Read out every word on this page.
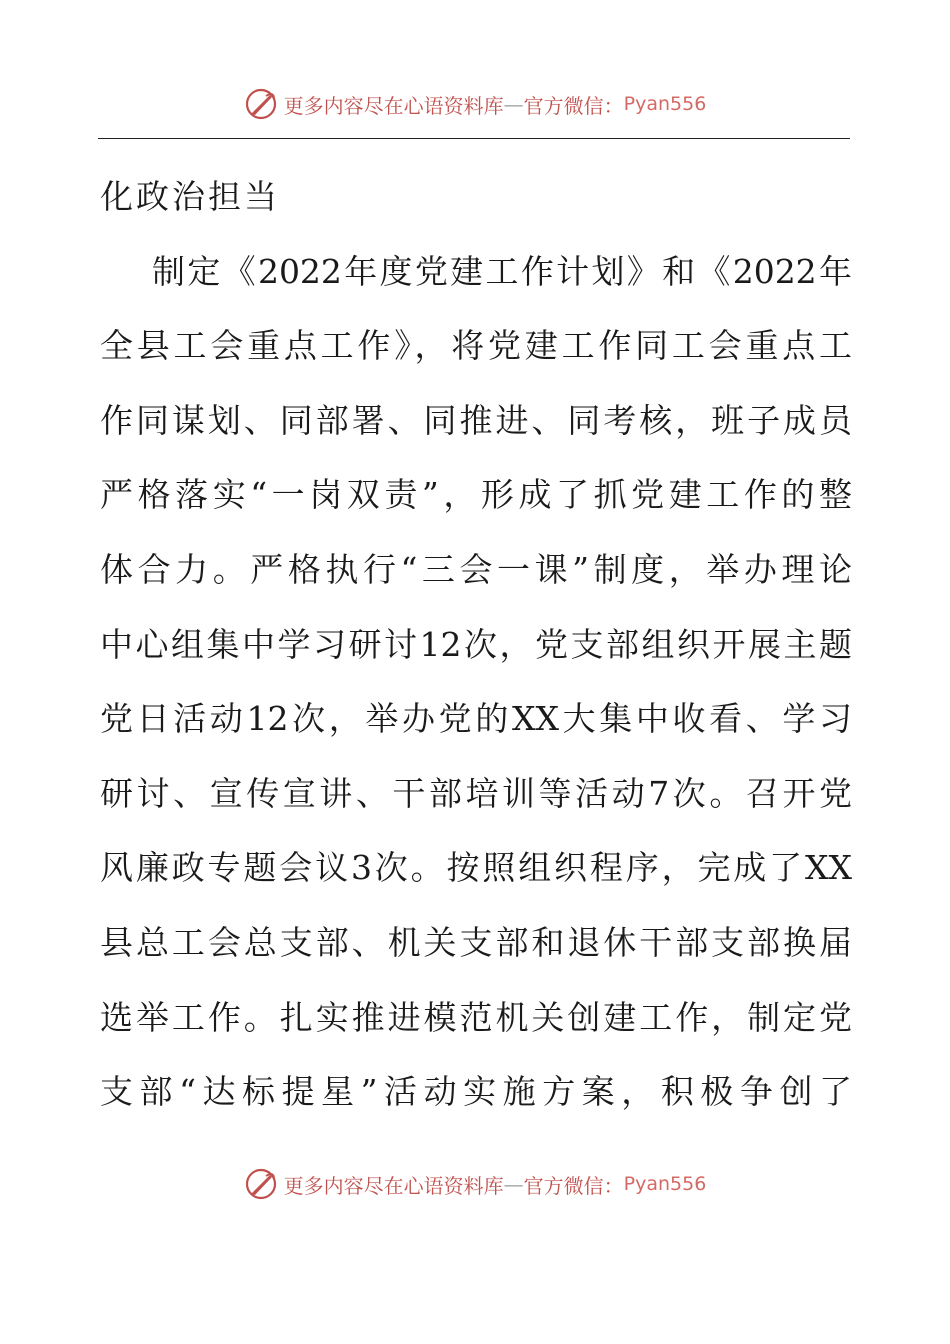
更多内容尽在心语资料库 — 官方微信： Pyan556
化政治担当
制定《2022年度党建工作计划》和《2022年
全县工会重点工作》，将党建工作同工会重点工
作同谋划、同部署、同推进、同考核，班子成员
严格落实“一岗双责”，形成了抓党建工作的整
体合力。严格执行“三会一课”制度，举办理论
中心组集中学习研讨12次，党支部组织开展主题
党日活动12次，举办党的XX大集中收看、学习
研讨、宣传宣讲、干部培训等活动7次。召开党
风廉政专题会议3次。按照组织程序，完成了XX
县总工会总支部、机关支部和退休干部支部换届
选举工作。扎实推进模范机关创建工作，制定党
支部“达标提星”活动实施方案，积极争创了
更多内容尽在心语资料库 — 官方微信： Pyan556
